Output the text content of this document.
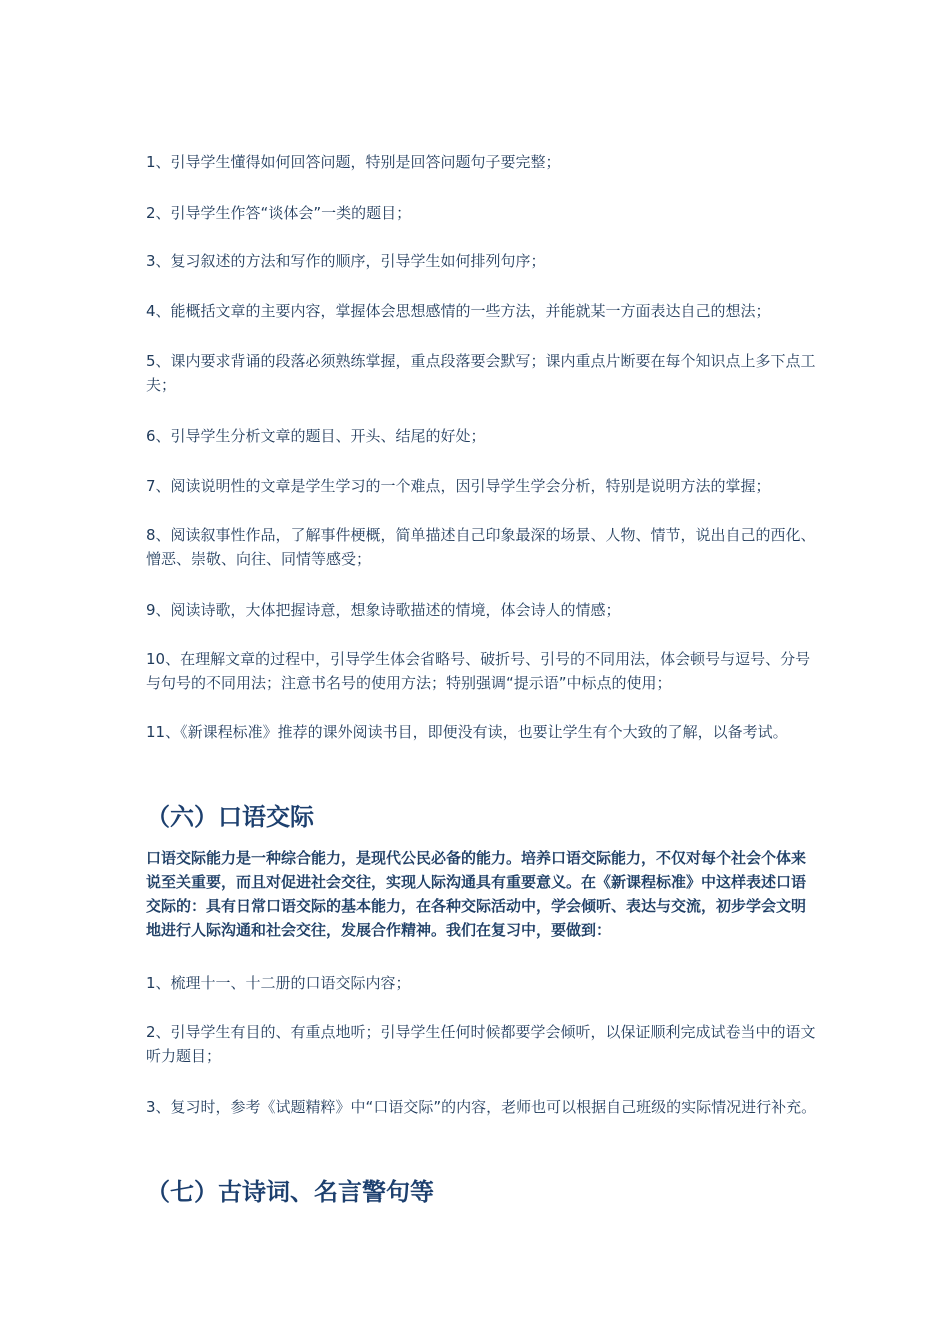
1、引导学生懂得如何回答问题，特别是回答问题句子要完整；

2、引导学生作答“谈体会”一类的题目；

3、复习叙述的方法和写作的顺序，引导学生如何排列句序；

4、能概括文章的主要内容，掌握体会思想感情的一些方法，并能就某一方面表达自己的想法；

5、课内要求背诵的段落必须熟练掌握，重点段落要会默写；课内重点片断要在每个知识点上多下点工夫；

6、引导学生分析文章的题目、开头、结尾的好处；

7、阅读说明性的文章是学生学习的一个难点，因引导学生学会分析，特别是说明方法的掌握；

8、阅读叙事性作品，了解事件梗概，简单描述自己印象最深的场景、人物、情节，说出自己的西化、憎恶、崇敬、向往、同情等感受；

9、阅读诗歌，大体把握诗意，想象诗歌描述的情境，体会诗人的情感；

10、在理解文章的过程中，引导学生体会省略号、破折号、引号的不同用法，体会顿号与逗号、分号与句号的不同用法；注意书名号的使用方法；特别强调“提示语”中标点的使用；

11、《新课程标准》推荐的课外阅读书目，即便没有读，也要让学生有个大致的了解，以备考试。

（六）口语交际

口语交际能力是一种综合能力，是现代公民必备的能力。培养口语交际能力，不仅对每个社会个体来说至关重要，而且对促进社会交往，实现人际沟通具有重要意义。在《新课程标准》中这样表述口语交际的：具有日常口语交际的基本能力，在各种交际活动中，学会倾听、表达与交流，初步学会文明地进行人际沟通和社会交往，发展合作精神。我们在复习中，要做到：

1、梳理十一、十二册的口语交际内容；

2、引导学生有目的、有重点地听；引导学生任何时候都要学会倾听，以保证顺利完成试卷当中的语文听力题目；

3、复习时，参考《试题精粹》中“口语交际”的内容，老师也可以根据自己班级的实际情况进行补充。

（七）古诗词、名言警句等
